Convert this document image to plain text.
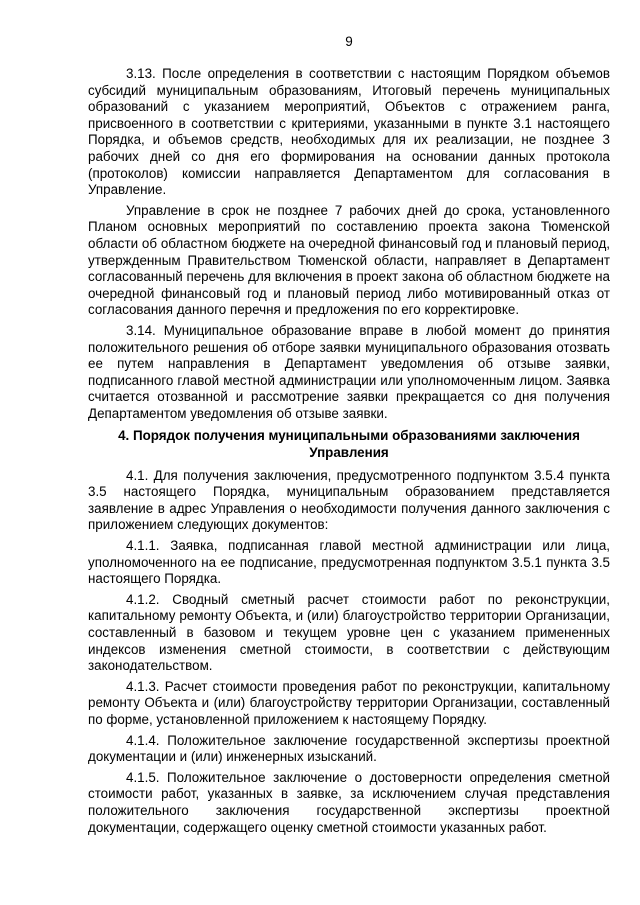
9

3.13. После определения в соответствии с настоящим Порядком объемов субсидий муниципальным образованиям, Итоговый перечень муниципальных образований с указанием мероприятий, Объектов с отражением ранга, присвоенного в соответствии с критериями, указанными в пункте 3.1 настоящего Порядка, и объемов средств, необходимых для их реализации, не позднее 3 рабочих дней со дня его формирования на основании данных протокола (протоколов) комиссии направляется Департаментом для согласования в Управление.

Управление в срок не позднее 7 рабочих дней до срока, установленного Планом основных мероприятий по составлению проекта закона Тюменской области об областном бюджете на очередной финансовый год и плановый период, утвержденным Правительством Тюменской области, направляет в Департамент согласованный перечень для включения в проект закона об областном бюджете на очередной финансовый год и плановый период либо мотивированный отказ от согласования данного перечня и предложения по его корректировке.

3.14. Муниципальное образование вправе в любой момент до принятия положительного решения об отборе заявки муниципального образования отозвать ее путем направления в Департамент уведомления об отзыве заявки, подписанного главой местной администрации или уполномоченным лицом. Заявка считается отозванной и рассмотрение заявки прекращается со дня получения Департаментом уведомления об отзыве заявки.

4. Порядок получения муниципальными образованиями заключения Управления

4.1. Для получения заключения, предусмотренного подпунктом 3.5.4 пункта 3.5 настоящего Порядка, муниципальным образованием представляется заявление в адрес Управления о необходимости получения данного заключения с приложением следующих документов:

4.1.1. Заявка, подписанная главой местной администрации или лица, уполномоченного на ее подписание, предусмотренная подпунктом 3.5.1 пункта 3.5 настоящего Порядка.

4.1.2. Сводный сметный расчет стоимости работ по реконструкции, капитальному ремонту Объекта, и (или) благоустройство территории Организации, составленный в базовом и текущем уровне цен с указанием примененных индексов изменения сметной стоимости, в соответствии с действующим законодательством.

4.1.3. Расчет стоимости проведения работ по реконструкции, капитальному ремонту Объекта и (или) благоустройству территории Организации, составленный по форме, установленной приложением к настоящему Порядку.

4.1.4. Положительное заключение государственной экспертизы проектной документации и (или) инженерных изысканий.

4.1.5. Положительное заключение о достоверности определения сметной стоимости работ, указанных в заявке, за исключением случая представления положительного заключения государственной экспертизы проектной документации, содержащего оценку сметной стоимости указанных работ.
